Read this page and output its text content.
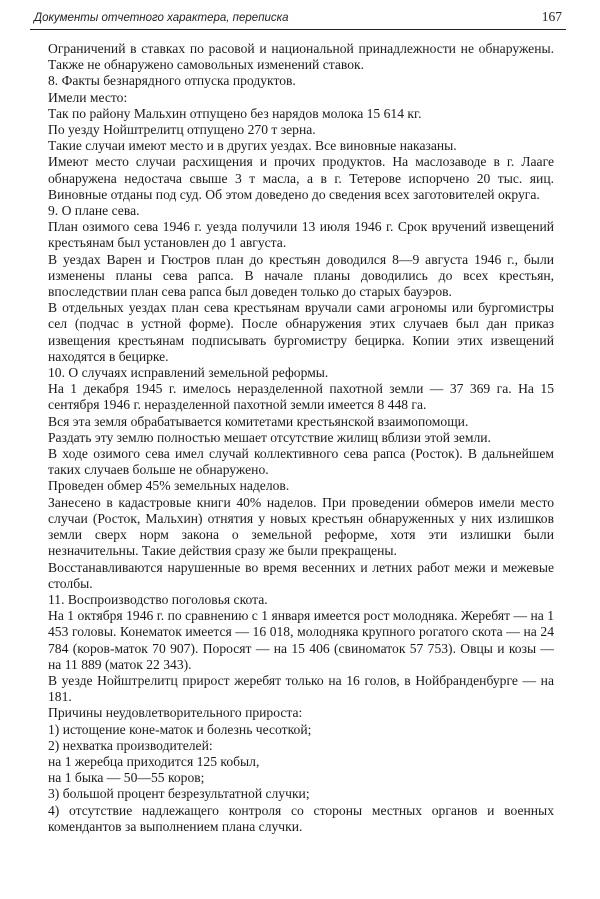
Документы отчетного характера, переписка	167

Ограничений в ставках по расовой и национальной принадлежности не обнаружены. Также не обнаружено самовольных изменений ставок.

8. Факты безнарядного отпуска продуктов.

Имели место:

Так по району Мальхин отпущено без нарядов молока 15 614 кг.

По уезду Нойштрелитц отпущено 270 т зерна.

Такие случаи имеют место и в других уездах. Все виновные наказаны.

Имеют место случаи расхищения и прочих продуктов. На маслозаводе в г. Лааге обнаружена недостача свыше 3 т масла, а в г. Тетерове испорчено 20 тыс. яиц. Виновные отданы под суд. Об этом доведено до сведения всех заготовителей округа.

9. О плане сева.

План озимого сева 1946 г. уезда получили 13 июля 1946 г. Срок вручений извещений крестьянам был установлен до 1 августа.

В уездах Варен и Гюстров план до крестьян доводился 8—9 августа 1946 г., были изменены планы сева рапса. В начале планы доводились до всех крестьян, впоследствии план сева рапса был доведен только до старых бауэров.

В отдельных уездах план сева крестьянам вручали сами агрономы или бургомистры сел (подчас в устной форме). После обнаружения этих случаев был дан приказ извещения крестьянам подписывать бургомистру бецирка. Копии этих извещений находятся в бецирке.

10. О случаях исправлений земельной реформы.

На 1 декабря 1945 г. имелось неразделенной пахотной земли — 37 369 га. На 15 сентября 1946 г. неразделенной пахотной земли имеется 8 448 га.

Вся эта земля обрабатывается комитетами крестьянской взаимопомощи.

Раздать эту землю полностью мешает отсутствие жилищ вблизи этой земли.

В ходе озимого сева имел случай коллективного сева рапса (Росток). В дальнейшем таких случаев больше не обнаружено.

Проведен обмер 45% земельных наделов.

Занесено в кадастровые книги 40% наделов. При проведении обмеров имели место случаи (Росток, Мальхин) отнятия у новых крестьян обнаруженных у них излишков земли сверх норм закона о земельной реформе, хотя эти излишки были незначительны. Такие действия сразу же были прекращены.

Восстанавливаются нарушенные во время весенних и летних работ межи и межевые столбы.

11. Воспроизводство поголовья скота.

На 1 октября 1946 г. по сравнению с 1 января имеется рост молодняка. Жеребят — на 1 453 головы. Конематок имеется — 16 018, молодняка крупного рогатого скота — на 24 784 (коров-маток 70 907). Поросят — на 15 406 (свиноматок 57 753). Овцы и козы — на 11 889 (маток 22 343).

В уезде Нойштрелитц прирост жеребят только на 16 голов, в Нойбранденбурге — на 181.

Причины неудовлетворительного прироста:

1) истощение коне-маток и болезнь чесоткой;

2) нехватка производителей:

на 1 жеребца приходится 125 кобыл,

на 1 быка — 50—55 коров;

3) большой процент безрезультатной случки;

4) отсутствие надлежащего контроля со стороны местных органов и военных комендантов за выполнением плана случки.
